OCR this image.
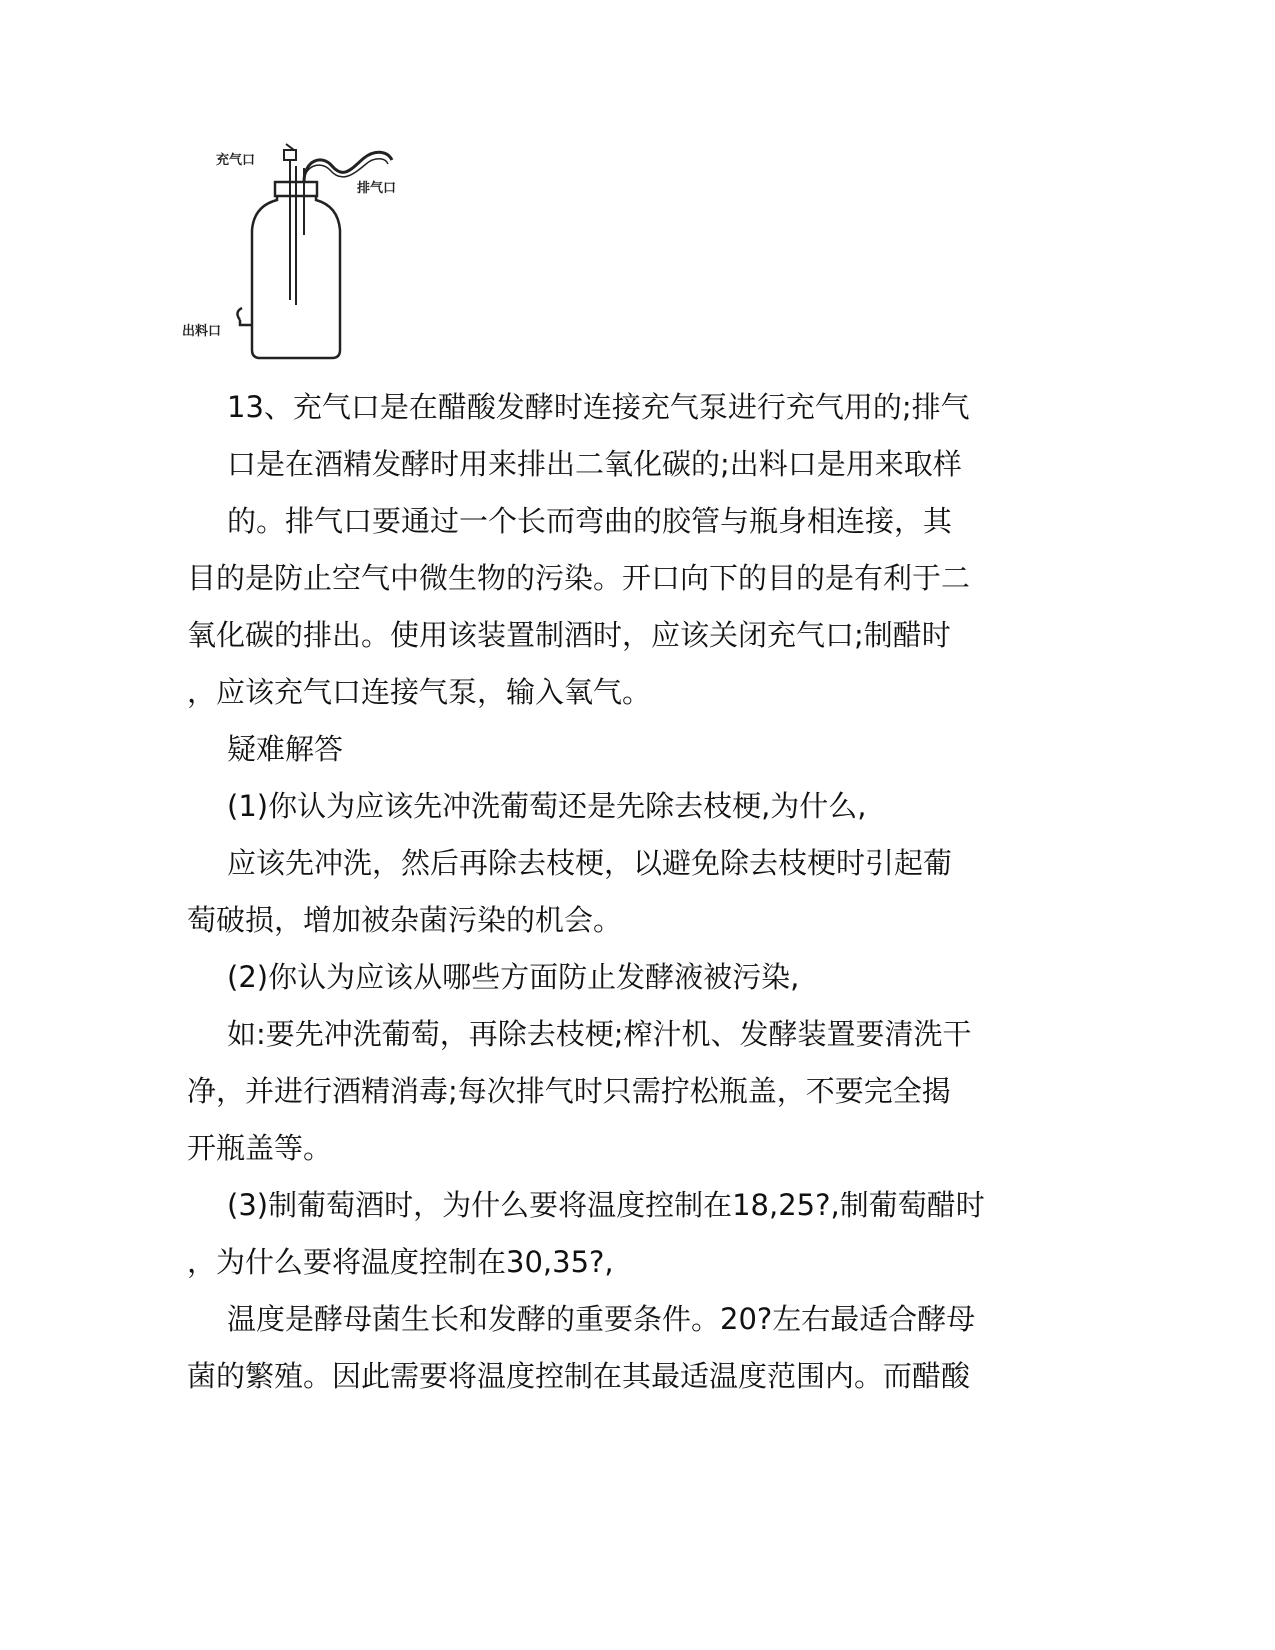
充气口
排气口
出料口
13、充气口是在醋酸发酵时连接充气泵进行充气用的;排气
口是在酒精发酵时用来排出二氧化碳的;出料口是用来取样
的。排气口要通过一个长而弯曲的胶管与瓶身相连接，其
目的是防止空气中微生物的污染。开口向下的目的是有利于二
氧化碳的排出。使用该装置制酒时，应该关闭充气口;制醋时
，应该充气口连接气泵，输入氧气。
疑难解答
(1)你认为应该先冲洗葡萄还是先除去枝梗,为什么,
应该先冲洗，然后再除去枝梗，以避免除去枝梗时引起葡
萄破损，增加被杂菌污染的机会。
(2)你认为应该从哪些方面防止发酵液被污染,
如:要先冲洗葡萄，再除去枝梗;榨汁机、发酵装置要清洗干
净，并进行酒精消毒;每次排气时只需拧松瓶盖，不要完全揭
开瓶盖等。
(3)制葡萄酒时，为什么要将温度控制在18,25?,制葡萄醋时
，为什么要将温度控制在30,35?,
温度是酵母菌生长和发酵的重要条件。20?左右最适合酵母
菌的繁殖。因此需要将温度控制在其最适温度范围内。而醋酸
